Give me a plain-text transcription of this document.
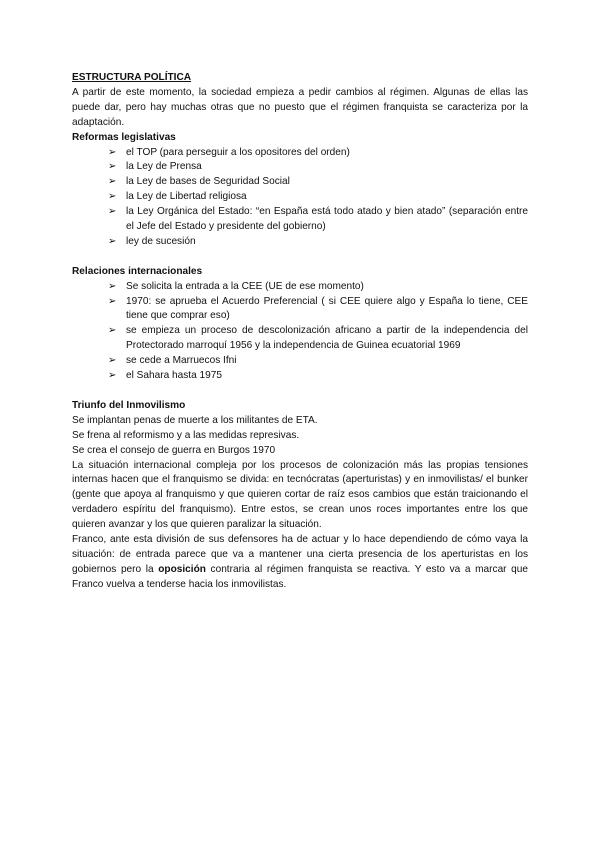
ESTRUCTURA POLÍTICA

A partir de este momento, la sociedad empieza a pedir cambios al régimen. Algunas de ellas las puede dar, pero hay muchas otras que no puesto que el régimen franquista se caracteriza por la adaptación.

Reformas legislativas

➢ el TOP (para perseguir a los opositores del orden)
➢ la Ley de Prensa
➢ la Ley de bases de Seguridad Social
➢ la Ley de Libertad religiosa
➢ la Ley Orgánica del Estado: “en España está todo atado y bien atado” (separación entre el Jefe del Estado y presidente del gobierno)
➢ ley de sucesión

Relaciones internacionales

➢ Se solicita la entrada a la CEE (UE de ese momento)
➢ 1970: se aprueba el Acuerdo Preferencial ( si CEE quiere algo y España lo tiene, CEE tiene que comprar eso)
➢ se empieza un proceso de descolonización africano a partir de la independencia del Protectorado marroquí 1956 y la independencia de Guinea ecuatorial 1969
➢ se cede a Marruecos Ifni
➢ el Sahara hasta 1975

Triunfo del Inmovilismo

Se implantan penas de muerte a los militantes de ETA.

Se frena al reformismo y a las medidas represivas.

Se crea el consejo de guerra en Burgos 1970

La situación internacional compleja por los procesos de colonización más las propias tensiones internas hacen que el franquismo se divida: en tecnócratas (aperturistas) y en inmovilistas/ el bunker (gente que apoya al franquismo y que quieren cortar de raíz esos cambios que están traicionando el verdadero espíritu del franquismo). Entre estos, se crean unos roces importantes entre los que quieren avanzar y los que quieren paralizar la situación.

Franco, ante esta división de sus defensores ha de actuar y lo hace dependiendo de cómo vaya la situación: de entrada parece que va a mantener una cierta presencia de los aperturistas en los gobiernos pero la oposición contraria al régimen franquista se reactiva. Y esto va a marcar que Franco vuelva a tenderse hacia los inmovilistas.
